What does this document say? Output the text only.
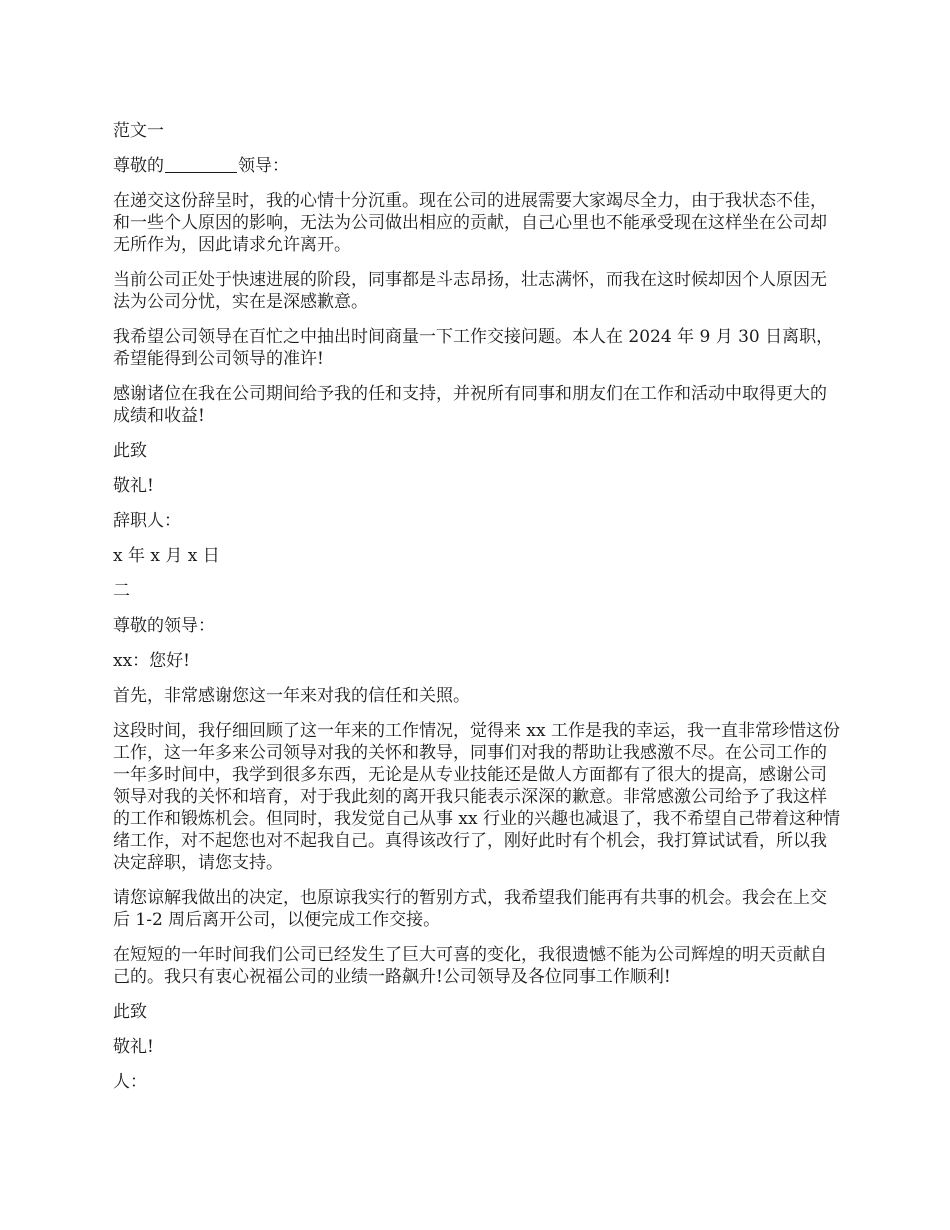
范文一

尊敬的	领导：

在递交这份辞呈时，我的心情十分沉重。现在公司的进展需要大家竭尽全力，由于我状态不佳，和一些个人原因的影响，无法为公司做出相应的贡献，自己心里也不能承受现在这样坐在公司却无所作为，因此请求允许离开。

当前公司正处于快速进展的阶段，同事都是斗志昂扬，壮志满怀，而我在这时候却因个人原因无法为公司分忧，实在是深感歉意。

我希望公司领导在百忙之中抽出时间商量一下工作交接问题。本人在 2024 年 9 月 30 日离职，希望能得到公司领导的准许!

感谢诸位在我在公司期间给予我的任和支持，并祝所有同事和朋友们在工作和活动中取得更大的成绩和收益!

此致

敬礼!

辞职人：

x 年 x 月 x 日

二

尊敬的领导：

xx：您好!

首先，非常感谢您这一年来对我的信任和关照。

这段时间，我仔细回顾了这一年来的工作情况，觉得来 xx 工作是我的幸运，我一直非常珍惜这份工作，这一年多来公司领导对我的关怀和教导，同事们对我的帮助让我感激不尽。在公司工作的一年多时间中，我学到很多东西，无论是从专业技能还是做人方面都有了很大的提高，感谢公司领导对我的关怀和培育，对于我此刻的离开我只能表示深深的歉意。非常感激公司给予了我这样的工作和锻炼机会。但同时，我发觉自己从事 xx 行业的兴趣也减退了，我不希望自己带着这种情绪工作，对不起您也对不起我自己。真得该改行了，刚好此时有个机会，我打算试试看，所以我决定辞职，请您支持。

请您谅解我做出的决定，也原谅我实行的暂别方式，我希望我们能再有共事的机会。我会在上交后 1-2 周后离开公司，以便完成工作交接。

在短短的一年时间我们公司已经发生了巨大可喜的变化，我很遗憾不能为公司辉煌的明天贡献自己的。我只有衷心祝福公司的业绩一路飙升!公司领导及各位同事工作顺利!

此致

敬礼!

人：
